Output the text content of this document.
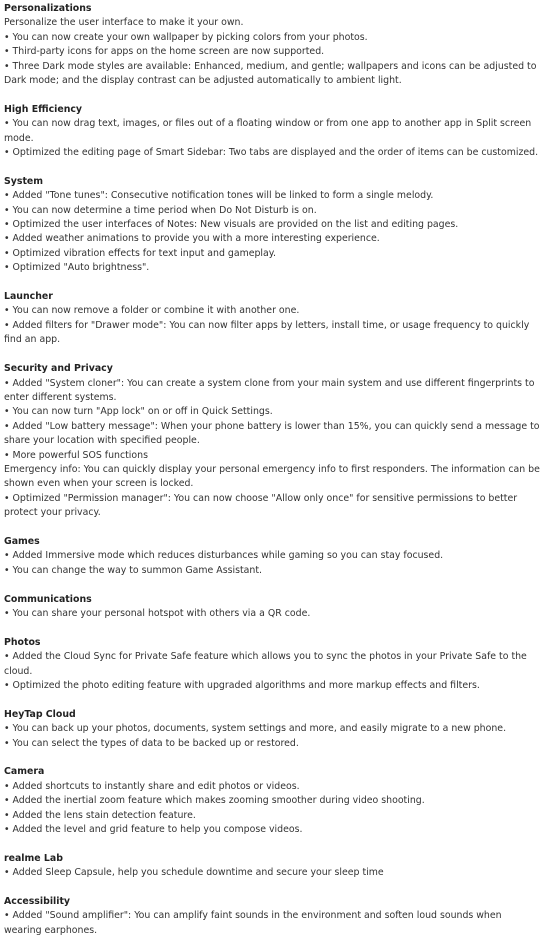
Personalizations
Personalize the user interface to make it your own.
• You can now create your own wallpaper by picking colors from your photos.
• Third-party icons for apps on the home screen are now supported.
• Three Dark mode styles are available: Enhanced, medium, and gentle; wallpapers and icons can be adjusted to Dark mode; and the display contrast can be adjusted automatically to ambient light.
High Efficiency
• You can now drag text, images, or files out of a floating window or from one app to another app in Split screen mode.
• Optimized the editing page of Smart Sidebar: Two tabs are displayed and the order of items can be customized.
System
• Added "Tone tunes": Consecutive notification tones will be linked to form a single melody.
• You can now determine a time period when Do Not Disturb is on.
• Optimized the user interfaces of Notes: New visuals are provided on the list and editing pages.
• Added weather animations to provide you with a more interesting experience.
• Optimized vibration effects for text input and gameplay.
• Optimized "Auto brightness".
Launcher
• You can now remove a folder or combine it with another one.
• Added filters for "Drawer mode": You can now filter apps by letters, install time, or usage frequency to quickly find an app.
Security and Privacy
• Added "System cloner": You can create a system clone from your main system and use different fingerprints to enter different systems.
• You can now turn "App lock" on or off in Quick Settings.
• Added "Low battery message": When your phone battery is lower than 15%, you can quickly send a message to share your location with specified people.
• More powerful SOS functions
Emergency info: You can quickly display your personal emergency info to first responders. The information can be shown even when your screen is locked.
• Optimized "Permission manager": You can now choose "Allow only once" for sensitive permissions to better protect your privacy.
Games
• Added Immersive mode which reduces disturbances while gaming so you can stay focused.
• You can change the way to summon Game Assistant.
Communications
• You can share your personal hotspot with others via a QR code.
Photos
• Added the Cloud Sync for Private Safe feature which allows you to sync the photos in your Private Safe to the cloud.
• Optimized the photo editing feature with upgraded algorithms and more markup effects and filters.
HeyTap Cloud
• You can back up your photos, documents, system settings and more, and easily migrate to a new phone.
• You can select the types of data to be backed up or restored.
Camera
• Added shortcuts to instantly share and edit photos or videos.
• Added the inertial zoom feature which makes zooming smoother during video shooting.
• Added the lens stain detection feature.
• Added the level and grid feature to help you compose videos.
realme Lab
• Added Sleep Capsule, help you schedule downtime and secure your sleep time
Accessibility
• Added "Sound amplifier": You can amplify faint sounds in the environment and soften loud sounds when wearing earphones.
